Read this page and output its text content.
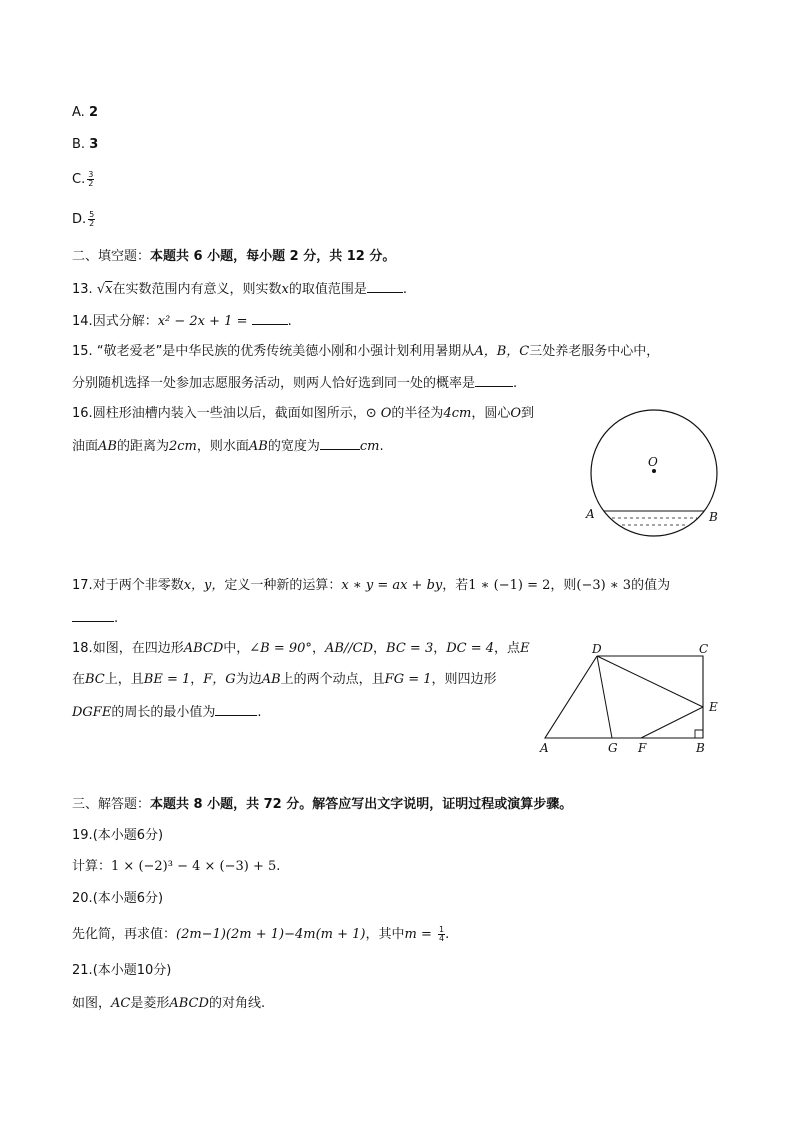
A. 2
B. 3
C. $\frac{3}{2}$
D. $\frac{5}{2}$
二、填空题：本题共 6 小题，每小题 2 分，共 12 分。
13. √x在实数范围内有意义，则实数x的取值范围是	.
14.因式分解：x² − 2x + 1 =	.
15. “敬老爱老”是中华民族的优秀传统美德小刚和小强计划利用暑期从A，B，C三处养老服务中心中，
分别随机选择一处参加志愿服务活动，则两人恰好选到同一处的概率是	.
16.圆柱形油槽内装入一些油以后，截面如图所示，⊙ O的半径为4cm，圆心O到
油面AB的距离为2cm，则水面AB的宽度为	cm.
O
A	B
17.对于两个非零数x，y，定义一种新的运算：x ∗ y = ax + by，若1 ∗ (−1) = 2，则(−3) ∗ 3的值为
.
18.如图，在四边形ABCD中，∠B = 90°，AB//CD，BC = 3，DC = 4，点E
在BC上，且BE = 1，F，G为边AB上的两个动点，且FG = 1，则四边形
DGFE的周长的最小值为	.
D	C
E
A	G F	B
三、解答题：本题共 8 小题，共 72 分。解答应写出文字说明，证明过程或演算步骤。
19.(本小题6分)
计算：1 × (−2)³ − 4 × (−3) + 5.
20.(本小题6分)
先化简，再求值：(2m−1)(2m + 1)−4m(m + 1)，其中$m = \frac{1}{4}$ .
21.(本小题10分)
如图，AC是菱形ABCD的对角线.
